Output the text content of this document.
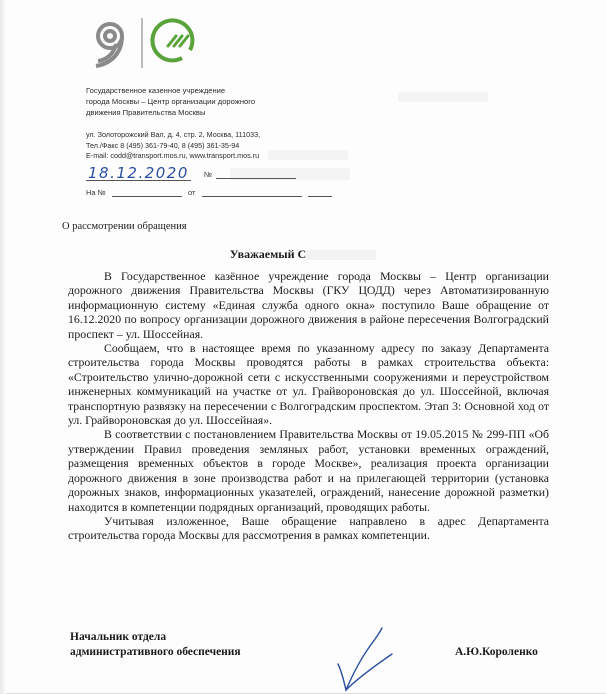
Государственное казенное учреждение
города Москвы – Центр организации дорожного
движения Правительства Москвы
ул. Золоторожский Вал, д. 4, стр. 2, Москва, 111033,
Тел./Факс 8 (495) 361-79-40, 8 (495) 361-35-94
E-mail: codd@transport.mos.ru, www.transport.mos.ru
18.12.2020 №
На №	от
О рассмотрении обращения
Уважаемый С

В Государственное казённое учреждение города Москвы – Центр организации дорожного движения Правительства Москвы (ГКУ ЦОДД) через Автоматизированную информационную систему «Единая служба одного окна» поступило Ваше обращение от 16.12.2020 по вопросу организации дорожного движения в районе пересечения Волгоградский проспект – ул. Шоссейная.

Сообщаем, что в настоящее время по указанному адресу по заказу Департамента строительства города Москвы проводятся работы в рамках строительства объекта: «Строительство улично-дорожной сети с искусственными сооружениями и переустройством инженерных коммуникаций на участке от ул. Грайвороновская до ул. Шоссейной, включая транспортную развязку на пересечении с Волгоградским проспектом. Этап 3: Основной ход от ул. Грайвороновская до ул. Шоссейная».

В соответствии с постановлением Правительства Москвы от 19.05.2015 № 299-ПП «Об утверждении Правил проведения земляных работ, установки временных ограждений, размещения временных объектов в городе Москве», реализация проекта организации дорожного движения в зоне производства работ и на прилегающей территории (установка дорожных знаков, информационных указателей, ограждений, нанесение дорожной разметки) находится в компетенции подрядных организаций, проводящих работы.

Учитывая изложенное, Ваше обращение направлено в адрес Департамента строительства города Москвы для рассмотрения в рамках компетенции.

Начальник отдела
административного обеспечения	А.Ю.Короленко
